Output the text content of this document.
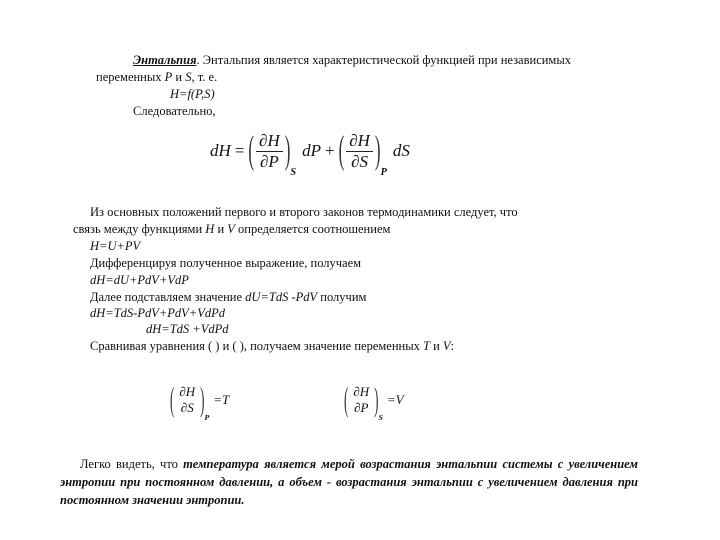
Энтальпия. Энтальпия является характеристической функцией при независимых
переменных P и S, т. е.
H=f(P,S)
Следовательно,
dH = ( $\frac{\partial H}{\partial P}$ )
S
dP + ( $\frac{\partial H}{\partial S}$ )
P
dS
Из основных положений первого и второго законов термодинамики следует, что
связь между функциями H и V определяется соотношением
H=U+PV
Дифференцируя полученное выражение, получаем
dH=dU+PdV+VdP
Далее подставляем значение dU=TdS -PdV получим
dH=TdS-PdV+PdV+VdPd
dH=TdS +VdPd
Сравнивая уравнения ( ) и ( ), получаем значение переменных T и V:
( ∂H
∂S ) P
=T	( ∂H
∂P ) S
=V
Легко видеть, что температура является мерой возрастания энтальпии системы с увеличением энтропии при постоянном давлении, а объем - возрастания энтальпии с увеличением давления при постоянном значении энтропии.
